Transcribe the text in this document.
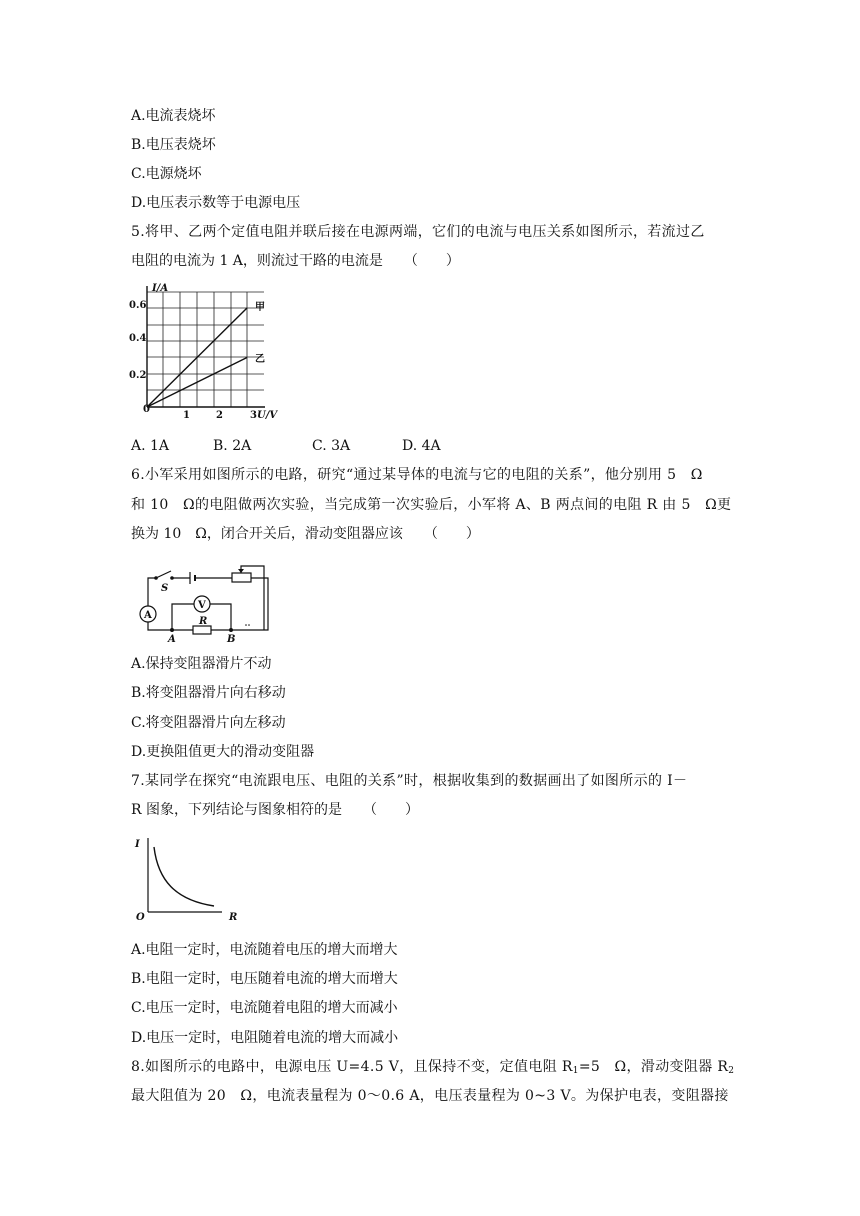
A.电流表烧坏
B.电压表烧坏
C.电源烧坏
D.电压表示数等于电源电压
5.将甲、乙两个定值电阻并联后接在电源两端，它们的电流与电压关系如图所示，若流过乙
电阻的电流为 1 A，则流过干路的电流是　　（　　）
0.6
0.4
0.2
0
1	2	3 U/V
I/A
甲
乙
A. 1A	B. 2A	C. 3A	D. 4A
6.小军采用如图所示的电路，研究“通过某导体的电流与它的电阻的关系”，他分别用 5　Ω
和 10　Ω的电阻做两次实验，当完成第一次实验后，小军将 A、B 两点间的电阻 R 由 5　Ω更
换为 10　Ω，闭合开关后，滑动变阻器应该　　（　　）
S
A
V
R
A	B
A.保持变阻器滑片不动
B.将变阻器滑片向右移动
C.将变阻器滑片向左移动
D.更换阻值更大的滑动变阻器
7.某同学在探究“电流跟电压、电阻的关系”时，根据收集到的数据画出了如图所示的 I－
R 图象，下列结论与图象相符的是　　（　　）
I
O	R
A.电阻一定时，电流随着电压的增大而增大
B.电阻一定时，电压随着电流的增大而增大
C.电压一定时，电流随着电阻的增大而减小
D.电压一定时，电阻随着电流的增大而减小
8.如图所示的电路中，电源电压 U=4.5 V，且保持不变，定值电阻 $R_1=5$　Ω，滑动变阻器 $R_2$
最大阻值为 20　Ω，电流表量程为 0～0.6 A，电压表量程为 0~3 V。为保护电表，变阻器接
